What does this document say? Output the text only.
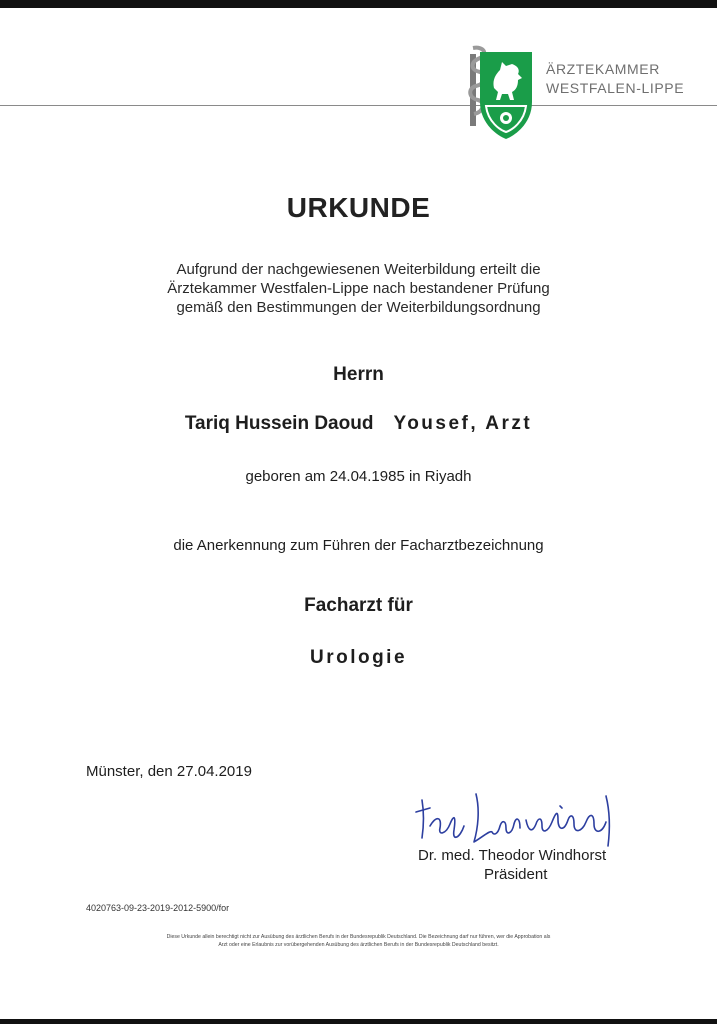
ÄRZTEKAMMER
WESTFALEN-LIPPE
URKUNDE
Aufgrund der nachgewiesenen Weiterbildung erteilt die
Ärztekammer Westfalen-Lippe nach bestandener Prüfung
gemäß den Bestimmungen der Weiterbildungsordnung
Herrn
Tariq Hussein Daoud Yousef, Arzt
geboren am 24.04.1985 in Riyadh
die Anerkennung zum Führen der Facharztbezeichnung
Facharzt für
Urologie
Münster, den 27.04.2019
Dr. med. Theodor Windhorst
Präsident
4020763-09-23-2019-2012-5900/for
Diese Urkunde allein berechtigt nicht zur Ausübung des ärztlichen Berufs in der Bundesrepublik Deutschland. Die Bezeichnung darf nur führen, wer die Approbation als
Arzt oder eine Erlaubnis zur vorübergehenden Ausübung des ärztlichen Berufs in der Bundesrepublik Deutschland besitzt.
